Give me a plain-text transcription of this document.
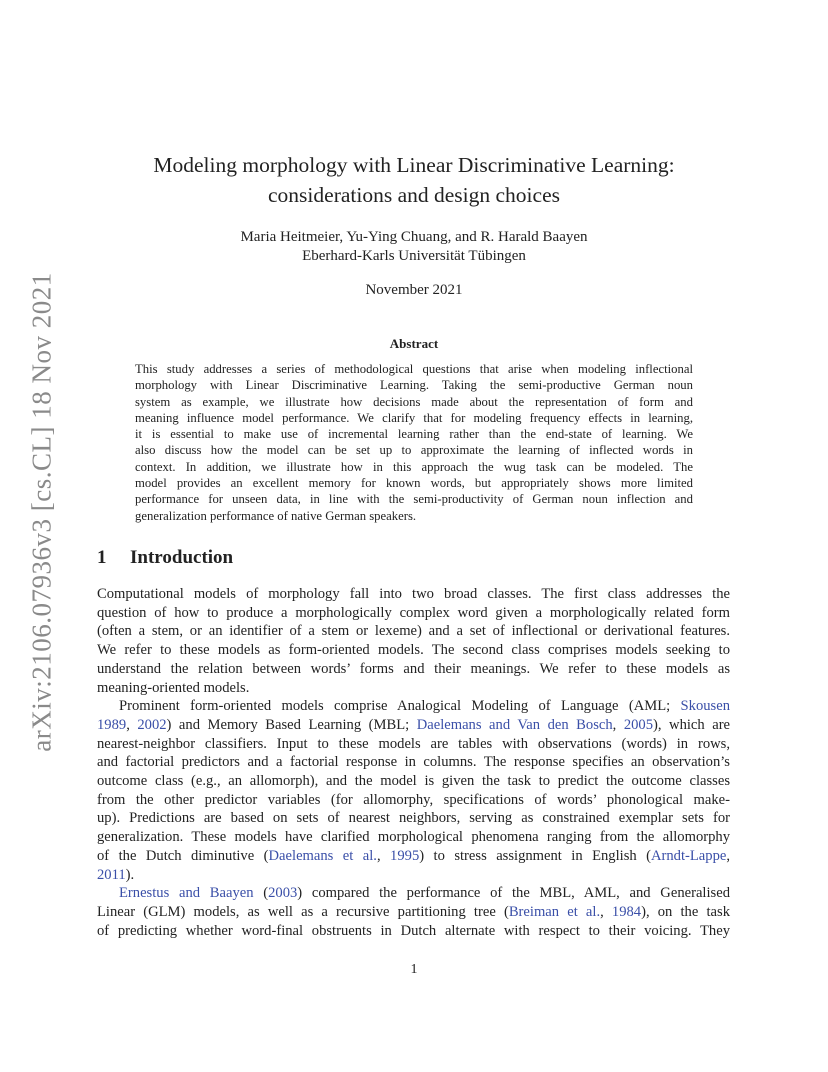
arXiv:2106.07936v3 [cs.CL] 18 Nov 2021
Modeling morphology with Linear Discriminative Learning:
considerations and design choices
Maria Heitmeier, Yu-Ying Chuang, and R. Harald Baayen
Eberhard-Karls Universität Tübingen
November 2021
Abstract
This study addresses a series of methodological questions that arise when modeling inflectional
morphology with Linear Discriminative Learning. Taking the semi-productive German noun
system as example, we illustrate how decisions made about the representation of form and
meaning influence model performance. We clarify that for modeling frequency effects in learning,
it is essential to make use of incremental learning rather than the end-state of learning. We
also discuss how the model can be set up to approximate the learning of inflected words in
context. In addition, we illustrate how in this approach the wug task can be modeled. The
model provides an excellent memory for known words, but appropriately shows more limited
performance for unseen data, in line with the semi-productivity of German noun inflection and
generalization performance of native German speakers.
1 Introduction
Computational models of morphology fall into two broad classes. The first class addresses the
question of how to produce a morphologically complex word given a morphologically related form
(often a stem, or an identifier of a stem or lexeme) and a set of inflectional or derivational features.
We refer to these models as form-oriented models. The second class comprises models seeking to
understand the relation between words’ forms and their meanings. We refer to these models as
meaning-oriented models.
Prominent form-oriented models comprise Analogical Modeling of Language (AML; Skousen
1989, 2002) and Memory Based Learning (MBL; Daelemans and Van den Bosch, 2005), which are
nearest-neighbor classifiers. Input to these models are tables with observations (words) in rows,
and factorial predictors and a factorial response in columns. The response specifies an observation’s
outcome class (e.g., an allomorph), and the model is given the task to predict the outcome classes
from the other predictor variables (for allomorphy, specifications of words’ phonological make-
up). Predictions are based on sets of nearest neighbors, serving as constrained exemplar sets for
generalization. These models have clarified morphological phenomena ranging from the allomorphy
of the Dutch diminutive (Daelemans et al., 1995) to stress assignment in English (Arndt-Lappe,
2011).
Ernestus and Baayen (2003) compared the performance of the MBL, AML, and Generalised
Linear (GLM) models, as well as a recursive partitioning tree (Breiman et al., 1984), on the task
of predicting whether word-final obstruents in Dutch alternate with respect to their voicing. They
1
